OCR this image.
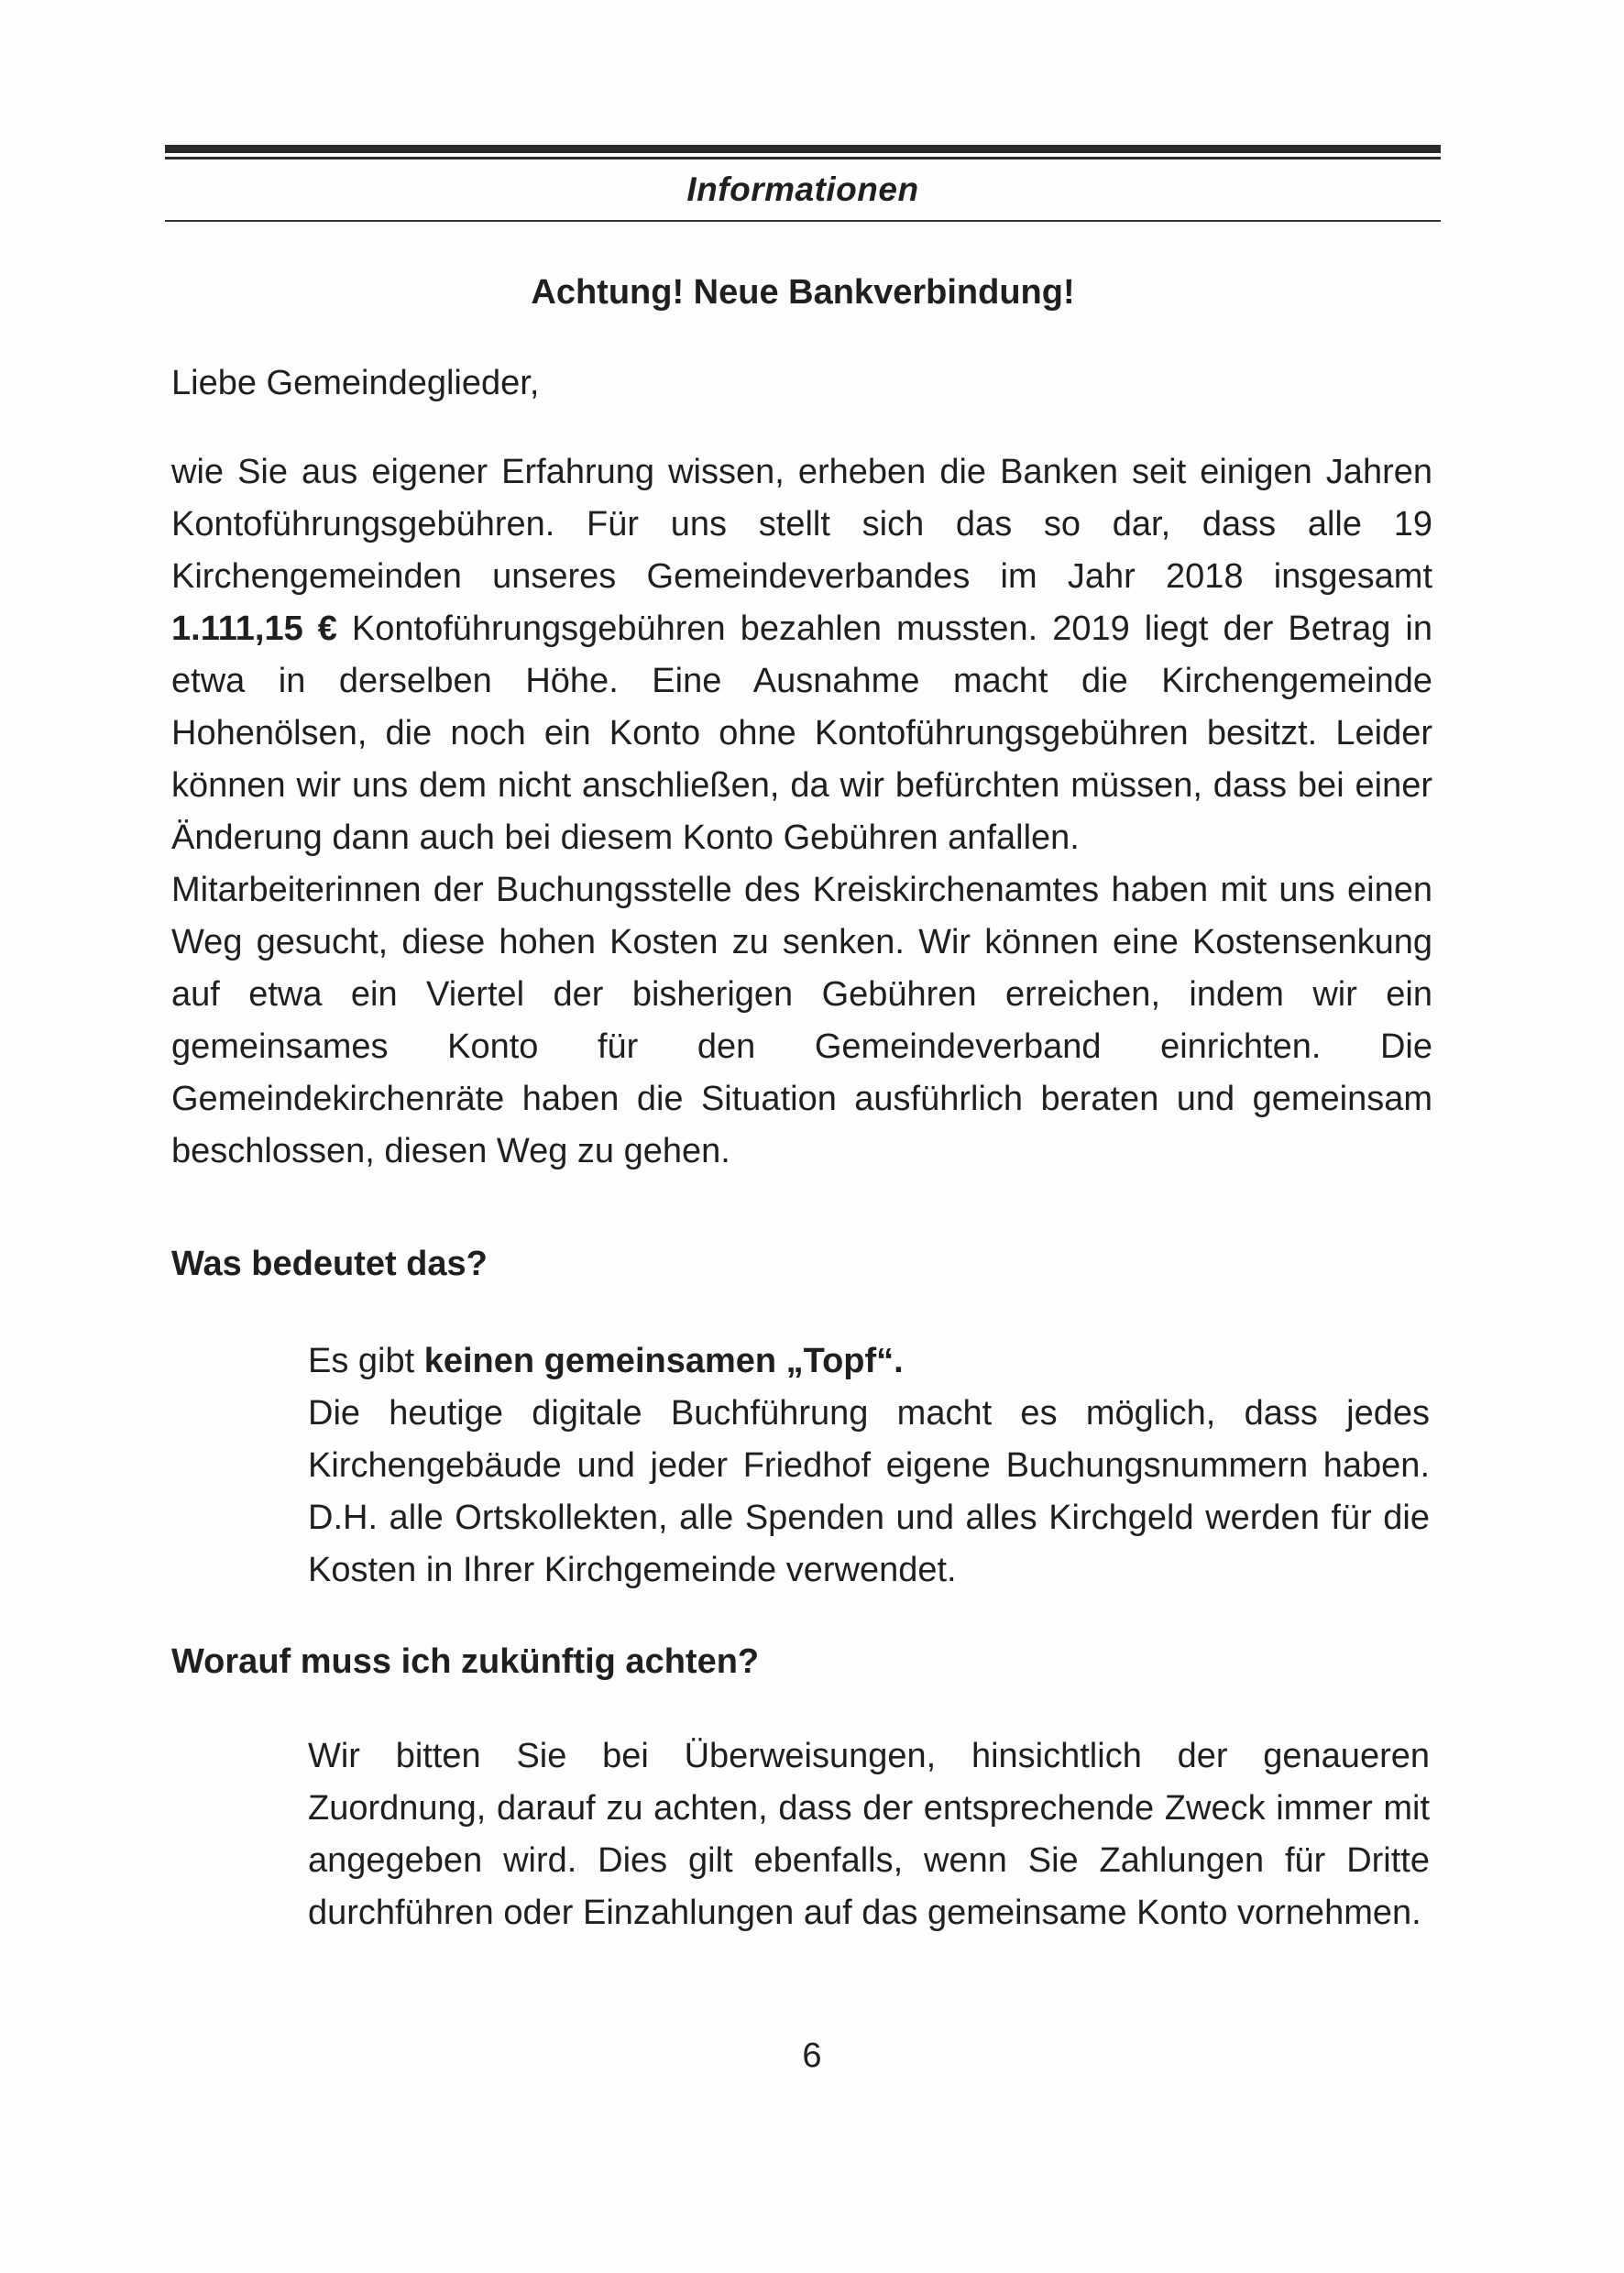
Informationen
Achtung! Neue Bankverbindung!
Liebe Gemeindeglieder,
wie Sie aus eigener Erfahrung wissen, erheben die Banken seit einigen Jahren Kontoführungsgebühren. Für uns stellt sich das so dar, dass alle 19 Kirchengemeinden unseres Gemeindeverbandes im Jahr 2018 insgesamt 1.111,15 € Kontoführungsgebühren bezahlen mussten. 2019 liegt der Betrag in etwa in derselben Höhe. Eine Ausnahme macht die Kirchengemeinde Hohenölsen, die noch ein Konto ohne Kontoführungsgebühren besitzt. Leider können wir uns dem nicht anschließen, da wir befürchten müssen, dass bei einer Änderung dann auch bei diesem Konto Gebühren anfallen.
Mitarbeiterinnen der Buchungsstelle des Kreiskirchenamtes haben mit uns einen Weg gesucht, diese hohen Kosten zu senken. Wir können eine Kostensenkung auf etwa ein Viertel der bisherigen Gebühren erreichen, indem wir ein gemeinsames Konto für den Gemeindeverband einrichten. Die Gemeindekirchenräte haben die Situation ausführlich beraten und gemeinsam beschlossen, diesen Weg zu gehen.
Was bedeutet das?
Es gibt keinen gemeinsamen „Topf“.
Die heutige digitale Buchführung macht es möglich, dass jedes Kirchengebäude und jeder Friedhof eigene Buchungsnummern haben. D.H. alle Ortskollekten, alle Spenden und alles Kirchgeld werden für die Kosten in Ihrer Kirchgemeinde verwendet.
Worauf muss ich zukünftig achten?
Wir bitten Sie bei Überweisungen, hinsichtlich der genaueren Zuordnung, darauf zu achten, dass der entsprechende Zweck immer mit angegeben wird. Dies gilt ebenfalls, wenn Sie Zahlungen für Dritte durchführen oder Einzahlungen auf das gemeinsame Konto vornehmen.
6
